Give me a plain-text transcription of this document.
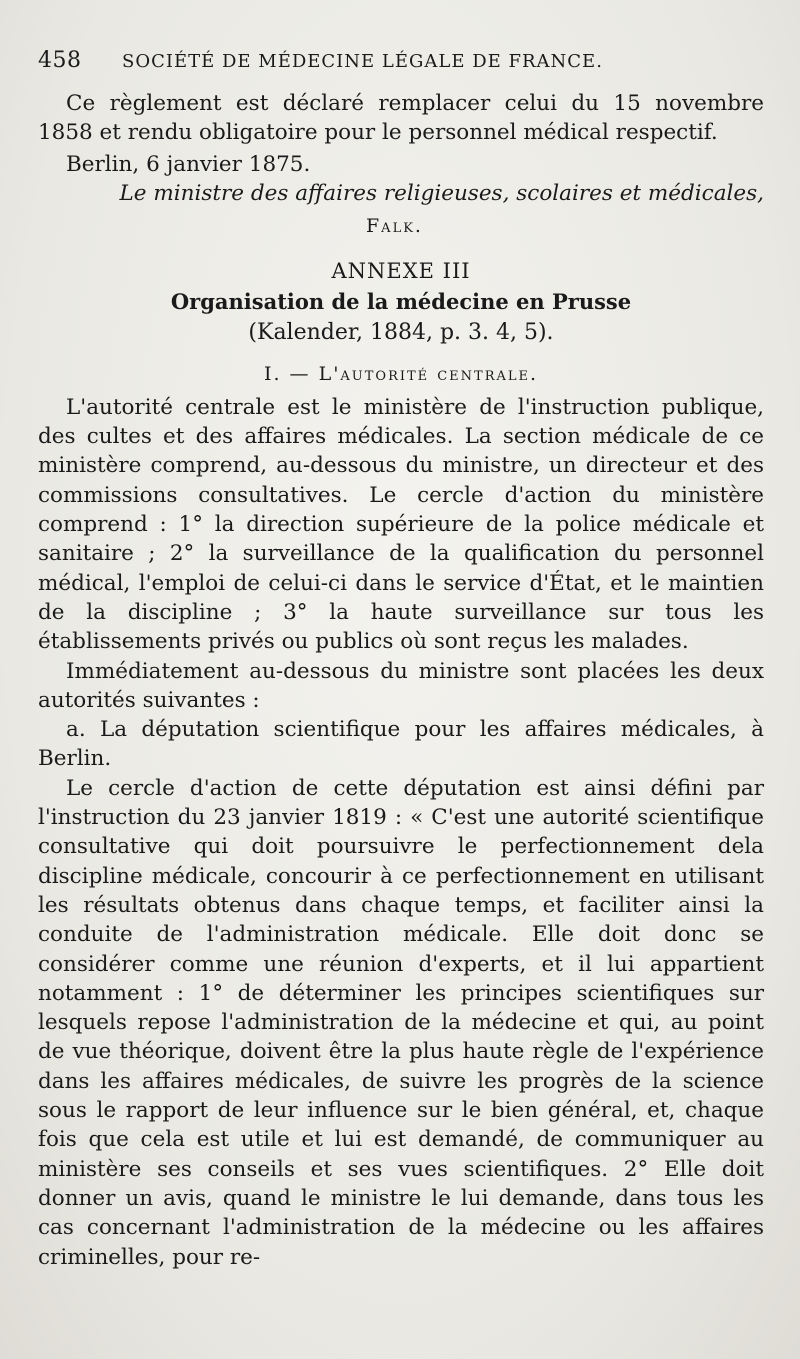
458	SOCIÉTÉ DE MÉDECINE LÉGALE DE FRANCE.

Ce règlement est déclaré remplacer celui du 15 novembre 1858 et rendu obligatoire pour le personnel médical respectif.

Berlin, 6 janvier 1875.

Le ministre des affaires religieuses, scolaires et médicales,

Falk.

ANNEXE III
Organisation de la médecine en Prusse
(Kalender, 1884, p. 3. 4, 5).
I. — L'autorité centrale.

L'autorité centrale est le ministère de l'instruction publique, des cultes et des affaires médicales. La section médicale de ce ministère comprend, au-dessous du ministre, un directeur et des commissions consultatives. Le cercle d'action du ministère comprend : 1° la direction supérieure de la police médicale et sanitaire ; 2° la surveillance de la qualification du personnel médical, l'emploi de celui-ci dans le service d'État, et le maintien de la discipline ; 3° la haute surveillance sur tous les établissements privés ou publics où sont reçus les malades.

Immédiatement au-dessous du ministre sont placées les deux autorités suivantes :

a. La députation scientifique pour les affaires médicales, à Berlin.

Le cercle d'action de cette députation est ainsi défini par l'instruction du 23 janvier 1819 : « C'est une autorité scientifique consultative qui doit poursuivre le perfectionnement dela discipline médicale, concourir à ce perfectionnement en utilisant les résultats obtenus dans chaque temps, et faciliter ainsi la conduite de l'administration médicale. Elle doit donc se considérer comme une réunion d'experts, et il lui appartient notamment : 1° de déterminer les principes scientifiques sur lesquels repose l'administration de la médecine et qui, au point de vue théorique, doivent être la plus haute règle de l'expérience dans les affaires médicales, de suivre les progrès de la science sous le rapport de leur influence sur le bien général, et, chaque fois que cela est utile et lui est demandé, de communiquer au ministère ses conseils et ses vues scientifiques. 2° Elle doit donner un avis, quand le ministre le lui demande, dans tous les cas concernant l'administration de la médecine ou les affaires criminelles, pour re-
